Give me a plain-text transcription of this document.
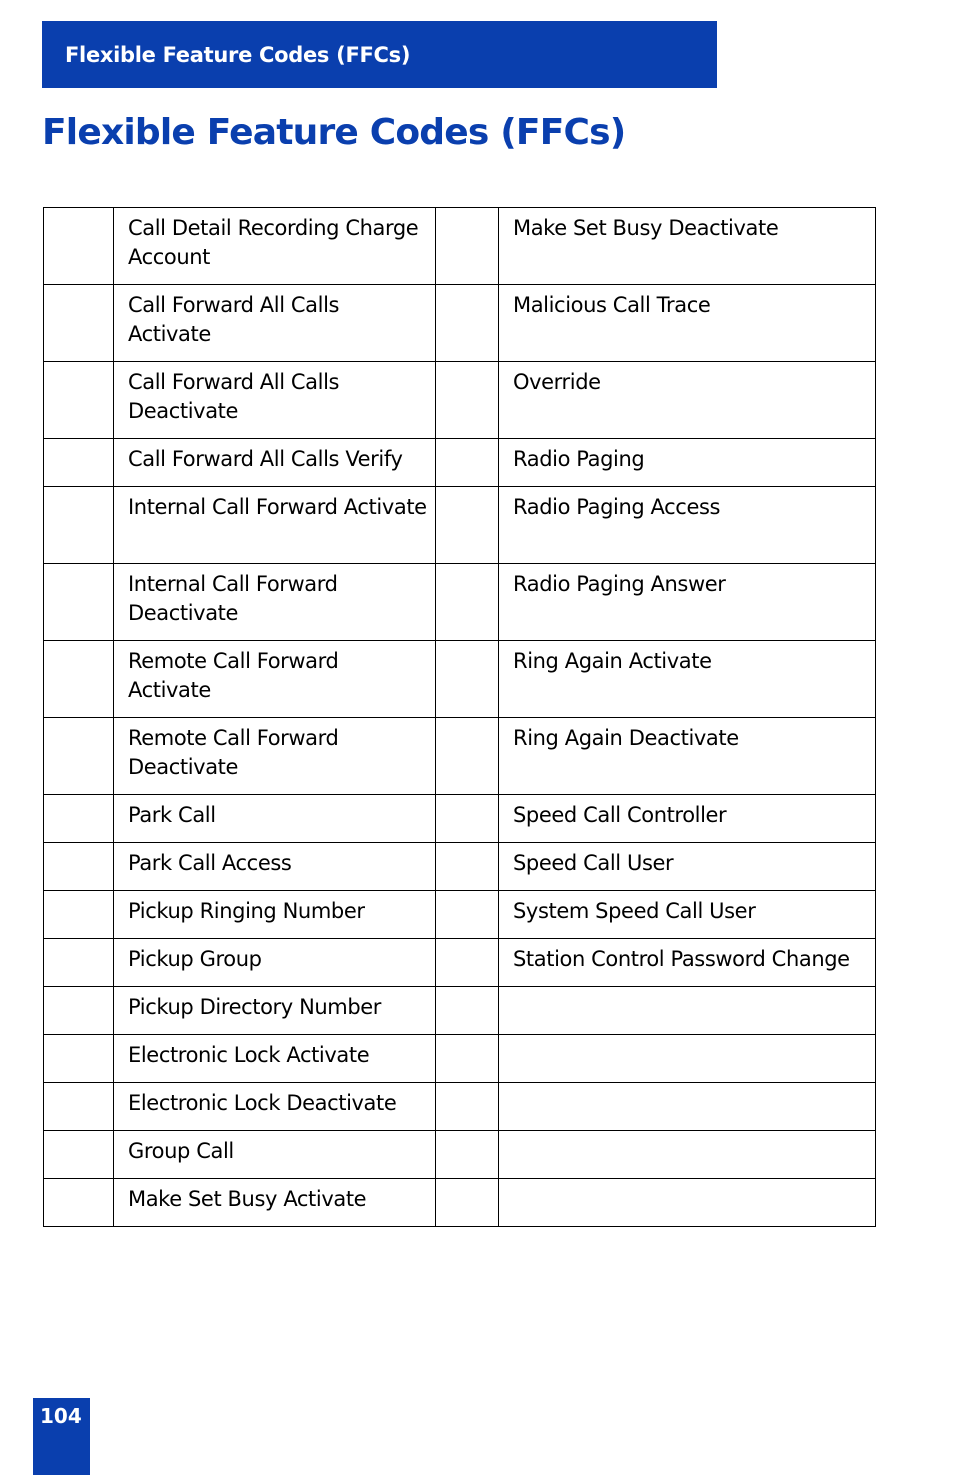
Flexible Feature Codes (FFCs)
Flexible Feature Codes (FFCs)
	Call Detail Recording Charge Account		Make Set Busy Deactivate
	Call Forward All Calls Activate		Malicious Call Trace
	Call Forward All Calls Deactivate		Override
	Call Forward All Calls Verify		Radio Paging
	Internal Call Forward Activate		Radio Paging Access
	Internal Call Forward Deactivate		Radio Paging Answer
	Remote Call Forward Activate		Ring Again Activate
	Remote Call Forward Deactivate		Ring Again Deactivate
	Park Call		Speed Call Controller
	Park Call Access		Speed Call User
	Pickup Ringing Number		System Speed Call User
	Pickup Group		Station Control Password Change
	Pickup Directory Number		
	Electronic Lock Activate		
	Electronic Lock Deactivate		
	Group Call		
	Make Set Busy Activate		
104
